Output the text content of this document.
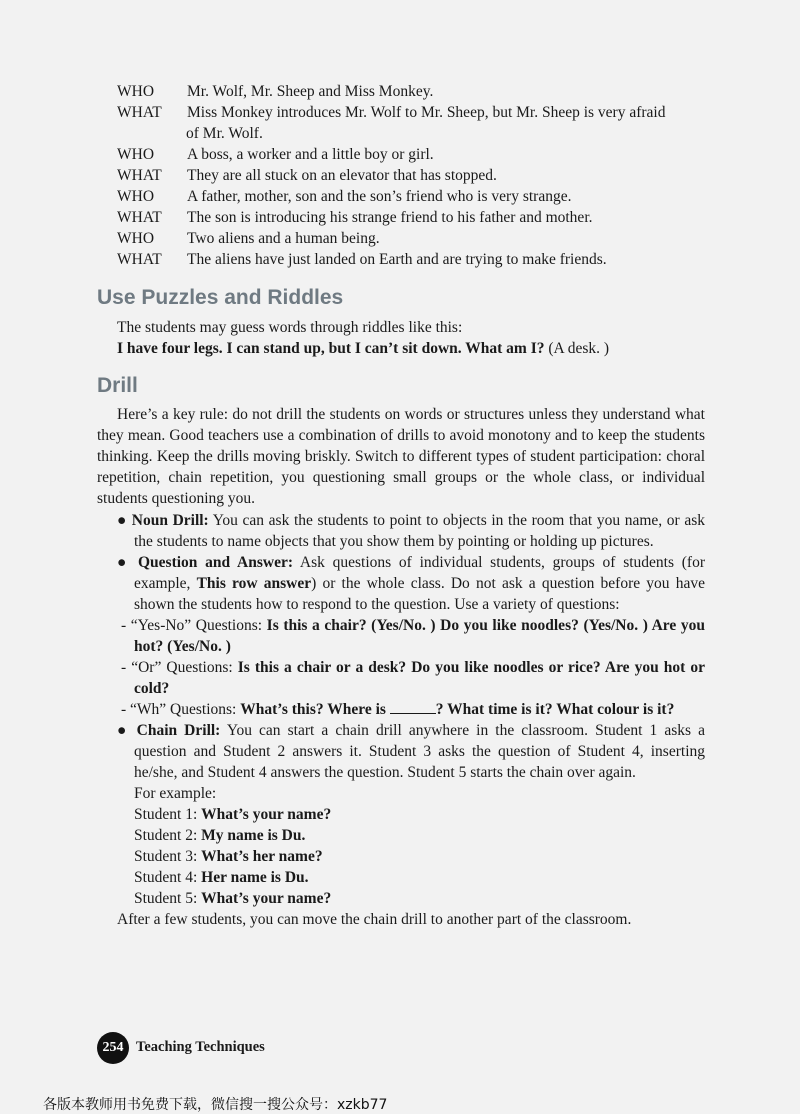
WHO Mr. Wolf, Mr. Sheep and Miss Monkey.
WHAT Miss Monkey introduces Mr. Wolf to Mr. Sheep, but Mr. Sheep is very afraid
of Mr. Wolf.
WHO A boss, a worker and a little boy or girl.
WHAT They are all stuck on an elevator that has stopped.
WHO A father, mother, son and the son’s friend who is very strange.
WHAT The son is introducing his strange friend to his father and mother.
WHO Two aliens and a human being.
WHAT The aliens have just landed on Earth and are trying to make friends.
Use Puzzles and Riddles
The students may guess words through riddles like this:
I have four legs. I can stand up, but I can’t sit down. What am I? (A desk. )
Drill
Here’s a key rule: do not drill the students on words or structures unless they understand what they mean. Good teachers use a combination of drills to avoid monotony and to keep the students thinking. Keep the drills moving briskly. Switch to different types of student participation: choral repetition, chain repetition, you questioning small groups or the whole class, or individual students questioning you.
● Noun Drill: You can ask the students to point to objects in the room that you name, or ask the students to name objects that you show them by pointing or holding up pictures.
● Question and Answer: Ask questions of individual students, groups of students (for example, This row answer) or the whole class. Do not ask a question before you have shown the students how to respond to the question. Use a variety of questions:
- “Yes-No” Questions: Is this a chair? (Yes/No. ) Do you like noodles? (Yes/No. ) Are you hot? (Yes/No. )
- “Or” Questions: Is this a chair or a desk? Do you like noodles or rice? Are you hot or cold?
- “Wh” Questions: What’s this? Where is	? What time is it? What colour is it?
● Chain Drill: You can start a chain drill anywhere in the classroom. Student 1 asks a question and Student 2 answers it. Student 3 asks the question of Student 4, inserting he/she, and Student 4 answers the question. Student 5 starts the chain over again.
For example:
Student 1: What’s your name?
Student 2: My name is Du.
Student 3: What’s her name?
Student 4: Her name is Du.
Student 5: What’s your name?
After a few students, you can move the chain drill to another part of the classroom.
254 Teaching Techniques
各版本教师用书免费下载，微信搜一搜公众号：xzkb77
